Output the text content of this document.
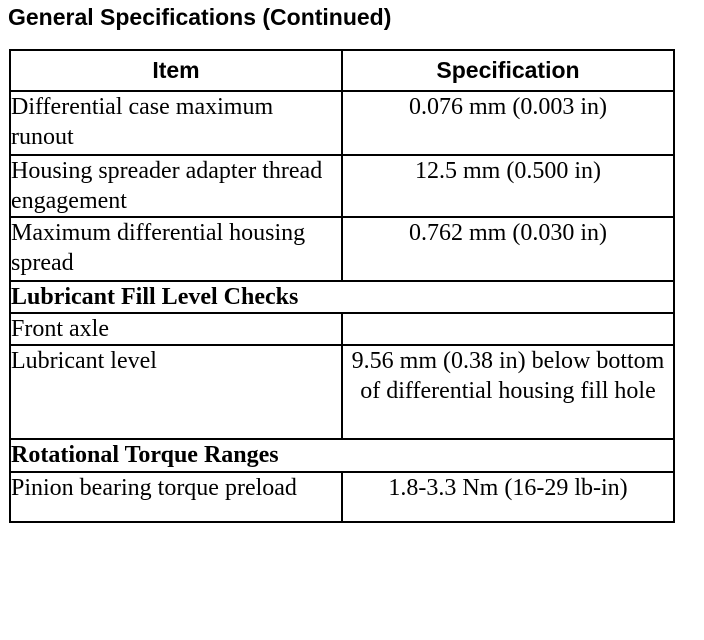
General Specifications (Continued)
Item	Specification
Differential case maximum runout	0.076 mm (0.003 in)
Housing spreader adapter thread engagement	12.5 mm (0.500 in)
Maximum differential housing spread	0.762 mm (0.030 in)
Lubricant Fill Level Checks	
Front axle	
Lubricant level	9.56 mm (0.38 in) below bottom of differential housing fill hole
Rotational Torque Ranges	
Pinion bearing torque preload	1.8-3.3 Nm (16-29 lb-in)
